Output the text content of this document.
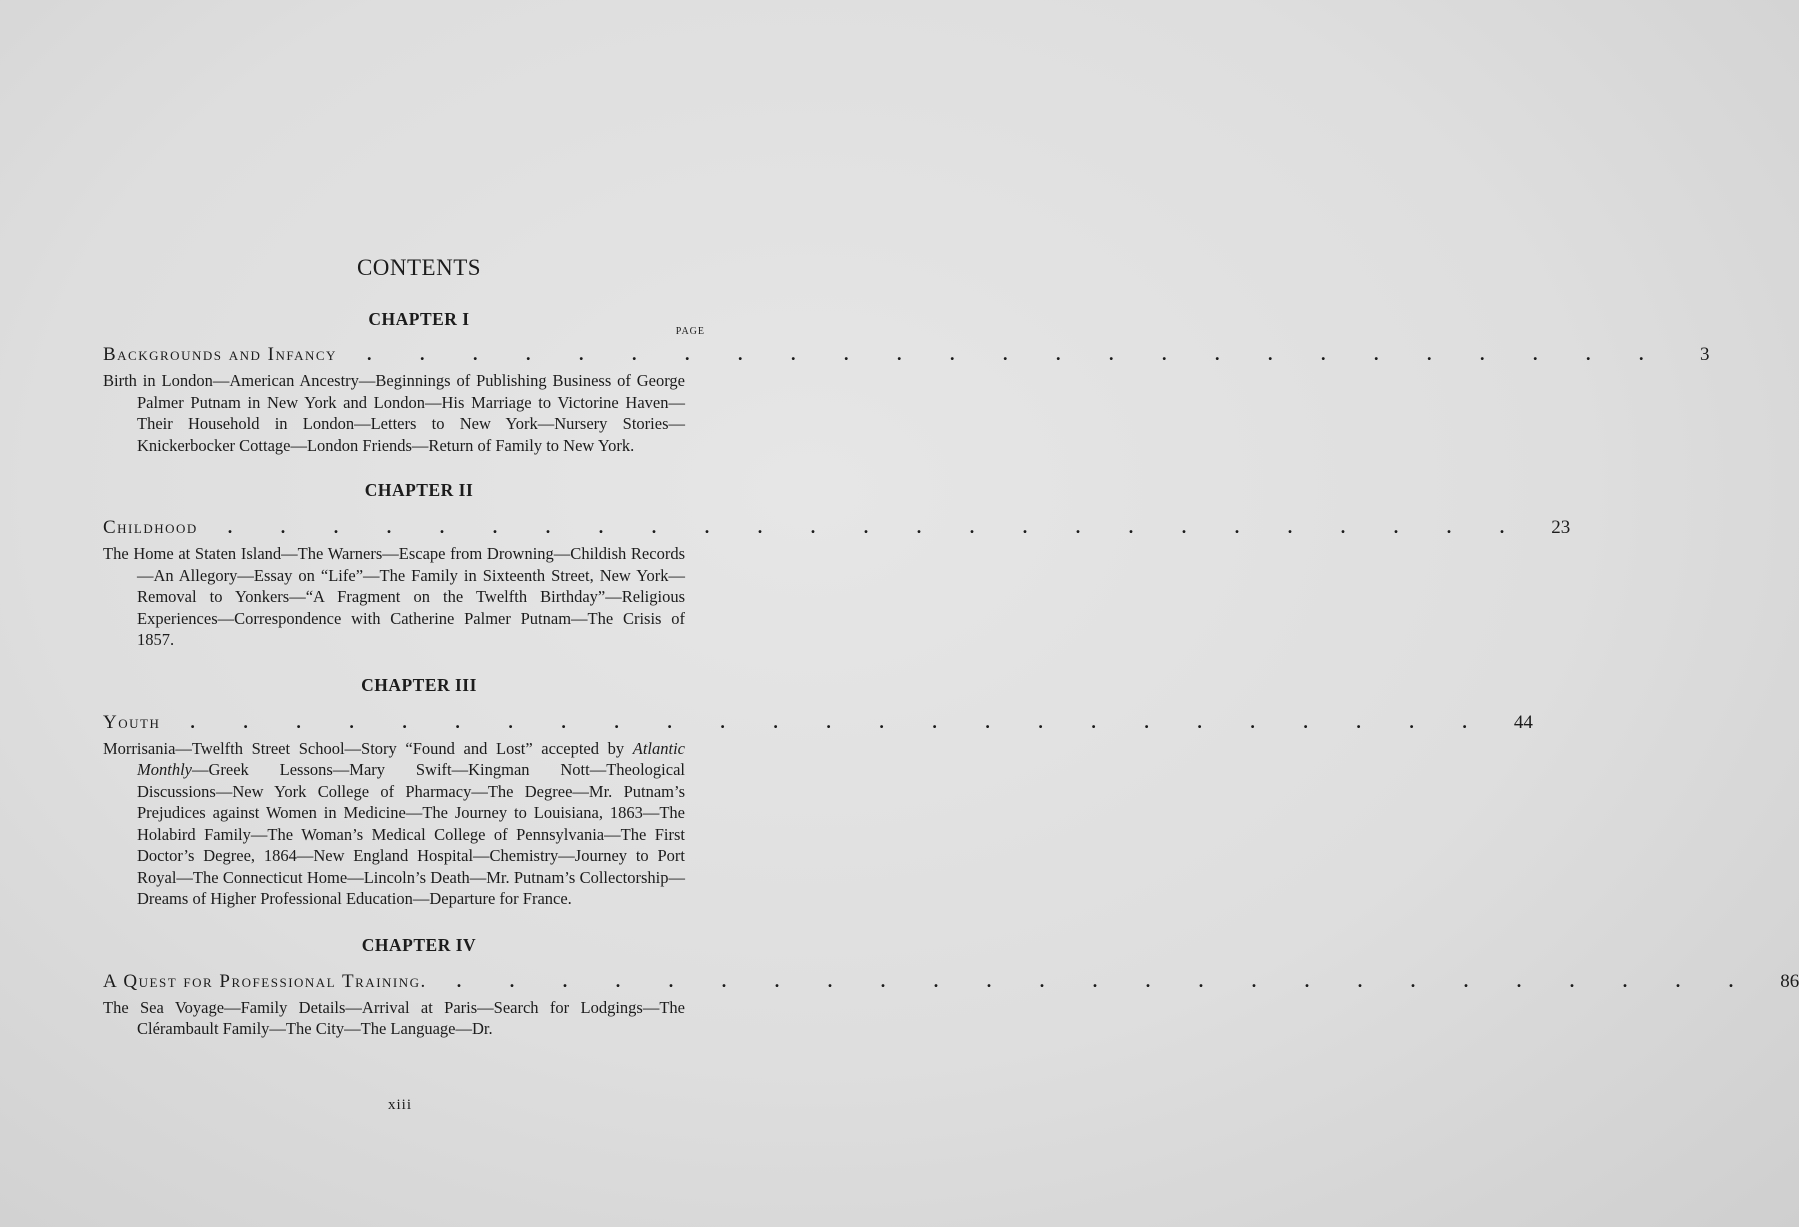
CONTENTS
CHAPTER I
PAGE
Backgrounds and Infancy . . . . . . . . . . . . . . . . . . . . . . . . .	3

Birth in London—American Ancestry—Beginnings of Publishing Business of George Palmer Putnam in New York and London—His Marriage to Victorine Haven—Their Household in London—Letters to New York—Nursery Stories—Knickerbocker Cottage—London Friends—Return of Family to New York.

CHAPTER II
Childhood . . . . . . . . . . . . . . . . . . . . . . . . .	23

The Home at Staten Island—The Warners—Escape from Drowning—Childish Records—An Allegory—Essay on “Life”—The Family in Sixteenth Street, New York—Removal to Yonkers—“A Fragment on the Twelfth Birthday”—Religious Experiences—Correspondence with Catherine Palmer Putnam—The Crisis of 1857.

CHAPTER III
Youth . . . . . . . . . . . . . . . . . . . . . . . . .	44

Morrisania—Twelfth Street School—Story “Found and Lost” accepted by Atlantic Monthly—Greek Lessons—Mary Swift—Kingman Nott—Theological Discussions—New York College of Pharmacy—The Degree—Mr. Putnam’s Prejudices against Women in Medicine—The Journey to Louisiana, 1863—The Holabird Family—The Woman’s Medical College of Pennsylvania—The First Doctor’s Degree, 1864—New England Hospital—Chemistry—Journey to Port Royal—The Connecticut Home—Lincoln’s Death—Mr. Putnam’s Collectorship—Dreams of Higher Professional Education—Departure for France.

CHAPTER IV
A Quest for Professional Training. . . . . . . . . . . . . . . . . . . . . . . . . .	86

The Sea Voyage—Family Details—Arrival at Paris—Search for Lodgings—The Clérambault Family—The City—The Language—Dr.

xiii
